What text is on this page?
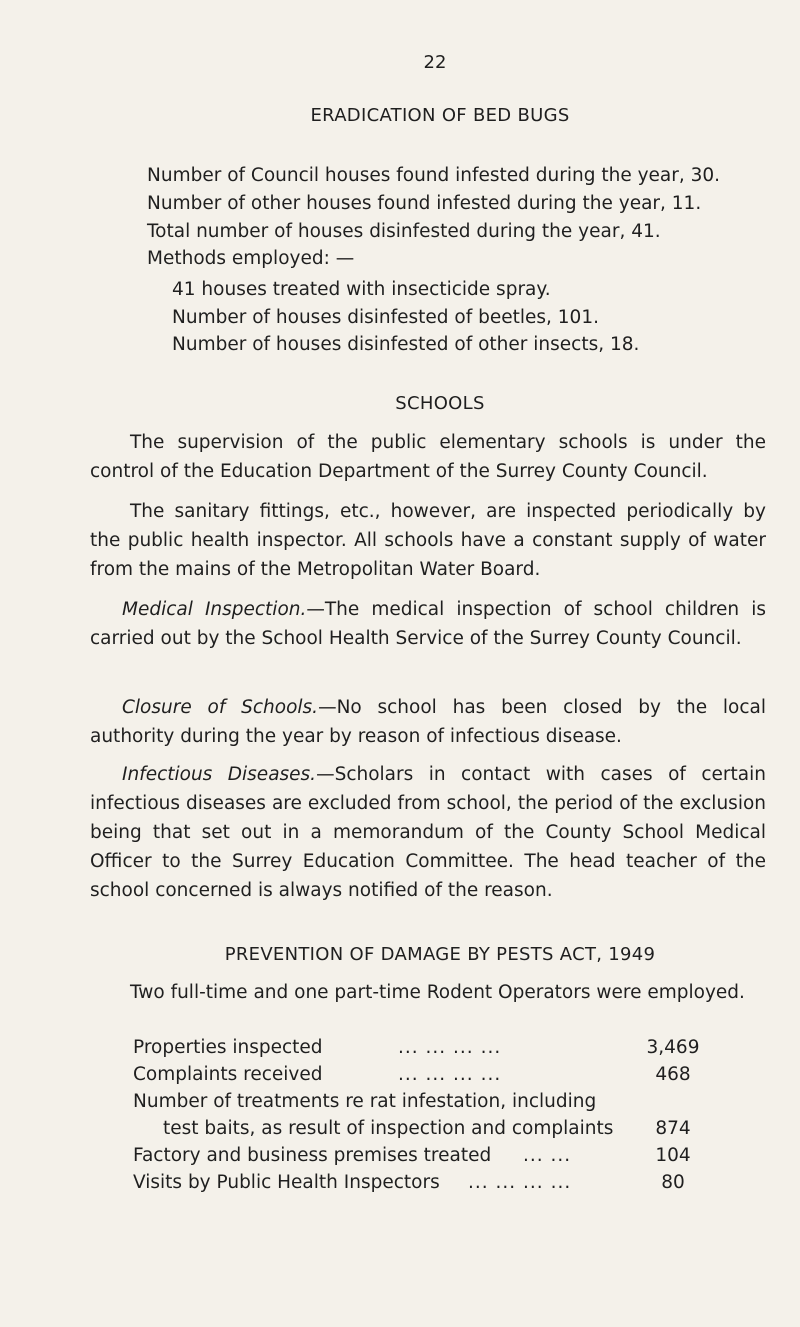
22
ERADICATION OF BED BUGS
Number of Council houses found infested during the year, 30.
Number of other houses found infested during the year, 11.
Total number of houses disinfested during the year, 41.
Methods employed: —
41 houses treated with insecticide spray.
Number of houses disinfested of beetles, 101.
Number of houses disinfested of other insects, 18.
SCHOOLS

The supervision of the public elementary schools is under the control of the Education Department of the Surrey County Council.

The sanitary fittings, etc., however, are inspected periodically by the public health inspector. All schools have a constant supply of water from the mains of the Metropolitan Water Board.

Medical Inspection.—The medical inspection of school children is carried out by the School Health Service of the Surrey County Council.

Closure of Schools.—No school has been closed by the local authority during the year by reason of infectious disease.

Infectious Diseases.—Scholars in contact with cases of certain infectious diseases are excluded from school, the period of the exclusion being that set out in a memorandum of the County School Medical Officer to the Surrey Education Committee. The head teacher of the school concerned is always notified of the reason.

PREVENTION OF DAMAGE BY PESTS ACT, 1949

Two full-time and one part-time Rodent Operators were employed.

Properties inspected	... ... ... ...	3,469
Complaints received	... ... ... ...	468
Number of treatments re rat infestation, including
test baits, as result of inspection and complaints	874
Factory and business premises treated ... ...	104
Visits by Public Health Inspectors ... ... ... ...	80
